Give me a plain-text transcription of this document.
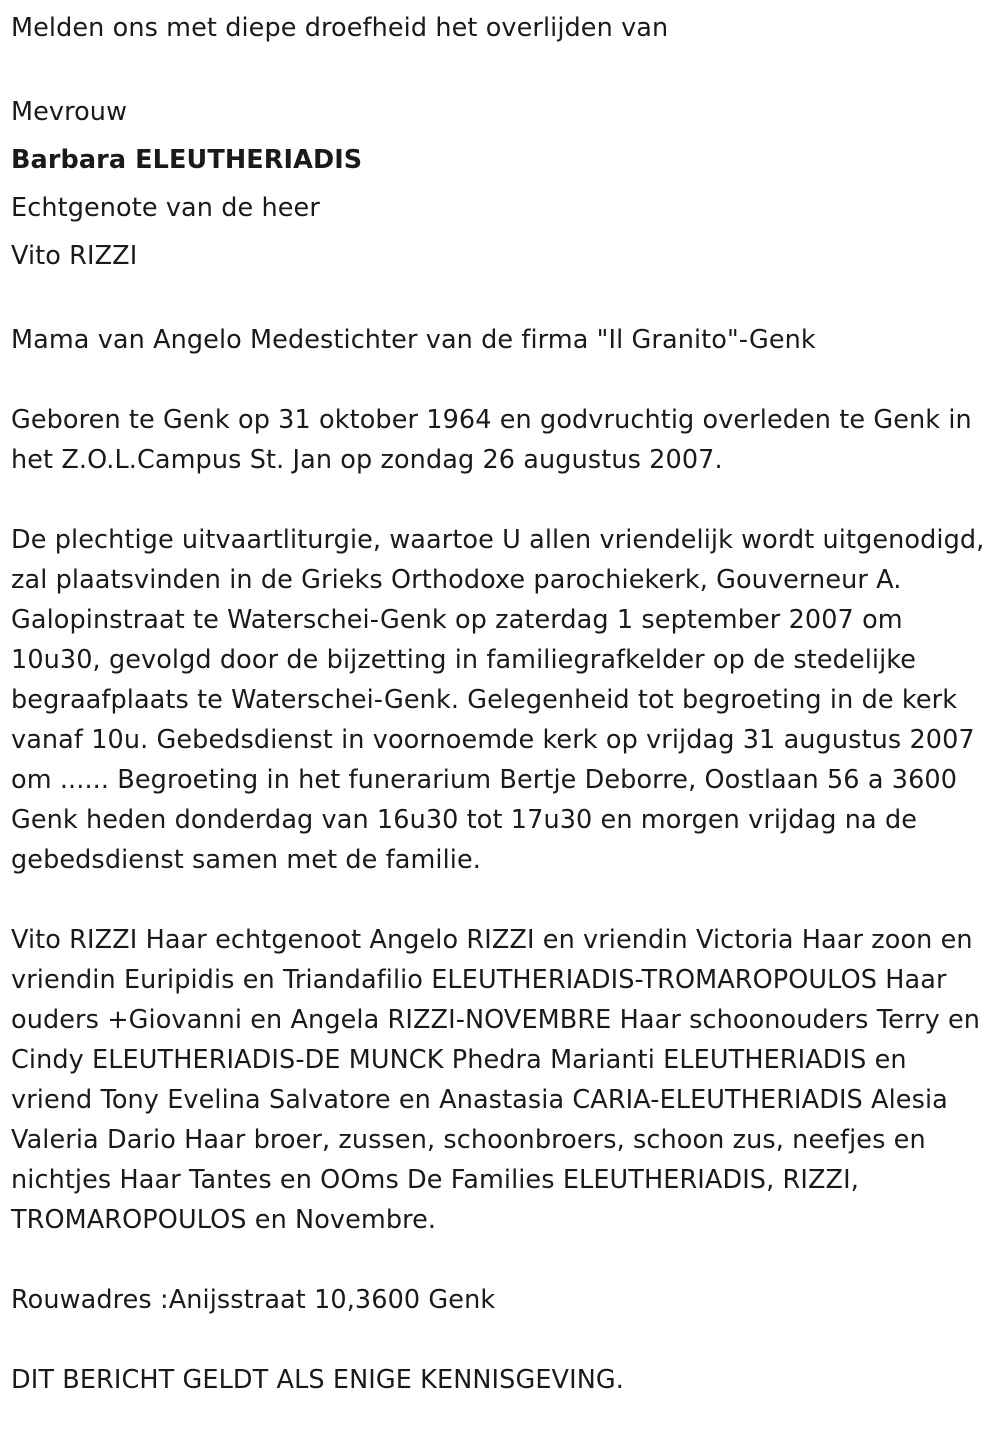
Melden ons met diepe droefheid het overlijden van

Mevrouw

Barbara ELEUTHERIADIS

Echtgenote van de heer

Vito RIZZI

Mama van Angelo Medestichter van de firma "Il Granito"-Genk

Geboren te Genk op 31 oktober 1964 en godvruchtig overleden te Genk in het Z.O.L.Campus St. Jan op zondag 26 augustus 2007.

De plechtige uitvaartliturgie, waartoe U allen vriendelijk wordt uitgenodigd, zal plaatsvinden in de Grieks Orthodoxe parochiekerk, Gouverneur A. Galopinstraat te Waterschei-Genk op zaterdag 1 september 2007 om 10u30, gevolgd door de bijzetting in familiegrafkelder op de stedelijke begraafplaats te Waterschei-Genk. Gelegenheid tot begroeting in de kerk vanaf 10u. Gebedsdienst in voornoemde kerk op vrijdag 31 augustus 2007 om ...... Begroeting in het funerarium Bertje Deborre, Oostlaan 56 a 3600 Genk heden donderdag van 16u30 tot 17u30 en morgen vrijdag na de gebedsdienst samen met de familie.

Vito RIZZI Haar echtgenoot Angelo RIZZI en vriendin Victoria Haar zoon en vriendin Euripidis en Triandafilio ELEUTHERIADIS-TROMAROPOULOS Haar ouders +Giovanni en Angela RIZZI-NOVEMBRE Haar schoonouders Terry en Cindy ELEUTHERIADIS-DE MUNCK Phedra Marianti ELEUTHERIADIS en vriend Tony Evelina Salvatore en Anastasia CARIA-ELEUTHERIADIS Alesia Valeria Dario Haar broer, zussen, schoonbroers, schoon zus, neefjes en nichtjes Haar Tantes en OOms De Families ELEUTHERIADIS, RIZZI, TROMAROPOULOS en Novembre.

Rouwadres :Anijsstraat 10,3600 Genk

DIT BERICHT GELDT ALS ENIGE KENNISGEVING.
